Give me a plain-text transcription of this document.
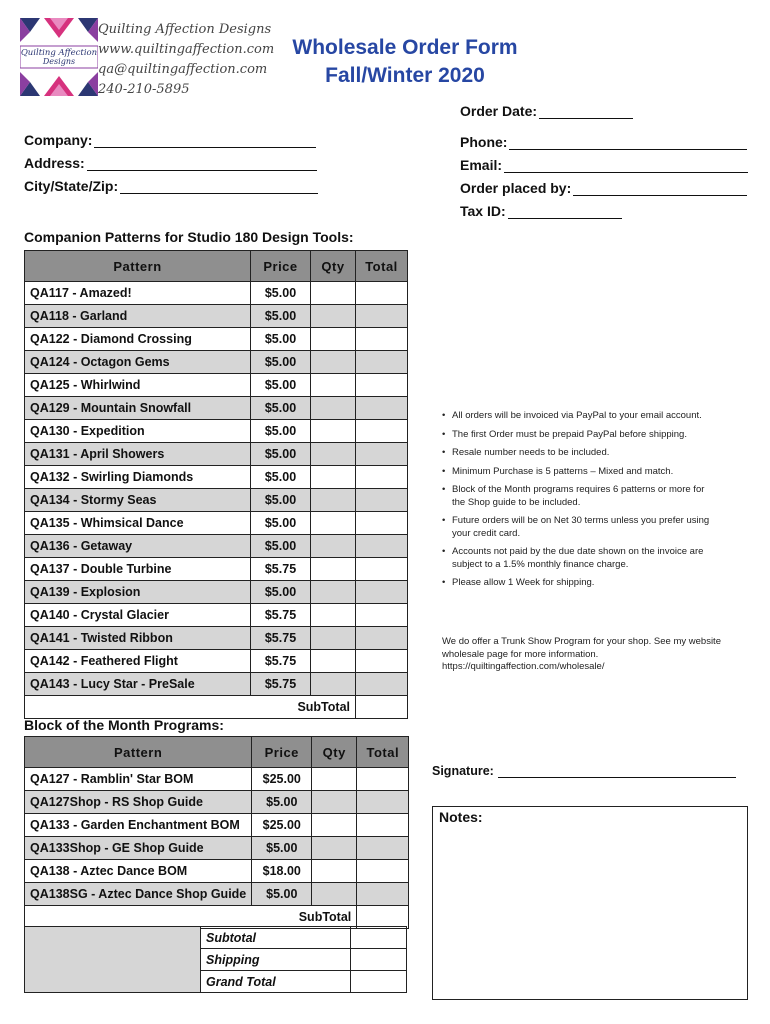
Quilting Affection
Designs
Quilting Affection Designs
www.quiltingaffection.com
qa@quiltingaffection.com
240-210-5895
Wholesale Order Form
Fall/Winter 2020
Order Date:
Company:
Address:
City/State/Zip:
Phone:
Email:
Order placed by:
Tax ID:
Companion Patterns for Studio 180 Design Tools:
Pattern	Price	Qty	Total
QA117 - Amazed!	$5.00		
QA118 - Garland	$5.00		
QA122 - Diamond Crossing	$5.00		
QA124 - Octagon Gems	$5.00		
QA125 - Whirlwind	$5.00		
QA129 - Mountain Snowfall	$5.00		
QA130 - Expedition	$5.00		
QA131 - April Showers	$5.00		
QA132 - Swirling Diamonds	$5.00		
QA134 - Stormy Seas	$5.00		
QA135 - Whimsical Dance	$5.00		
QA136 - Getaway	$5.00		
QA137 - Double Turbine	$5.75		
QA139 - Explosion	$5.00		
QA140 - Crystal Glacier	$5.75		
QA141 - Twisted Ribbon	$5.75		
QA142 - Feathered Flight	$5.75		
QA143 - Lucy Star - PreSale	$5.75		
SubTotal			
Block of the Month Programs:
Pattern	Price	Qty	Total
QA127 - Ramblin' Star BOM	$25.00		
QA127Shop - RS Shop Guide	$5.00		
QA133 - Garden Enchantment BOM	$25.00		
QA133Shop - GE Shop Guide	$5.00		
QA138 - Aztec Dance BOM	$18.00		
QA138SG - Aztec Dance Shop Guide	$5.00		
SubTotal			
	Subtotal	
	Shipping	
	Grand Total	
• All orders will be invoiced via PayPal to your email account.
• The first Order must be prepaid PayPal before shipping.
• Resale number needs to be included.
• Minimum Purchase is 5 patterns – Mixed and match.
• Block of the Month programs requires 6 patterns or more for the Shop guide to be included.
• Future orders will be on Net 30 terms unless you prefer using your credit card.
• Accounts not paid by the due date shown on the invoice are subject to a 1.5% monthly finance charge.
• Please allow 1 Week for shipping.
We do offer a Trunk Show Program for your shop. See my website wholesale page for more information. https://quiltingaffection.com/wholesale/
Signature:
Notes:
